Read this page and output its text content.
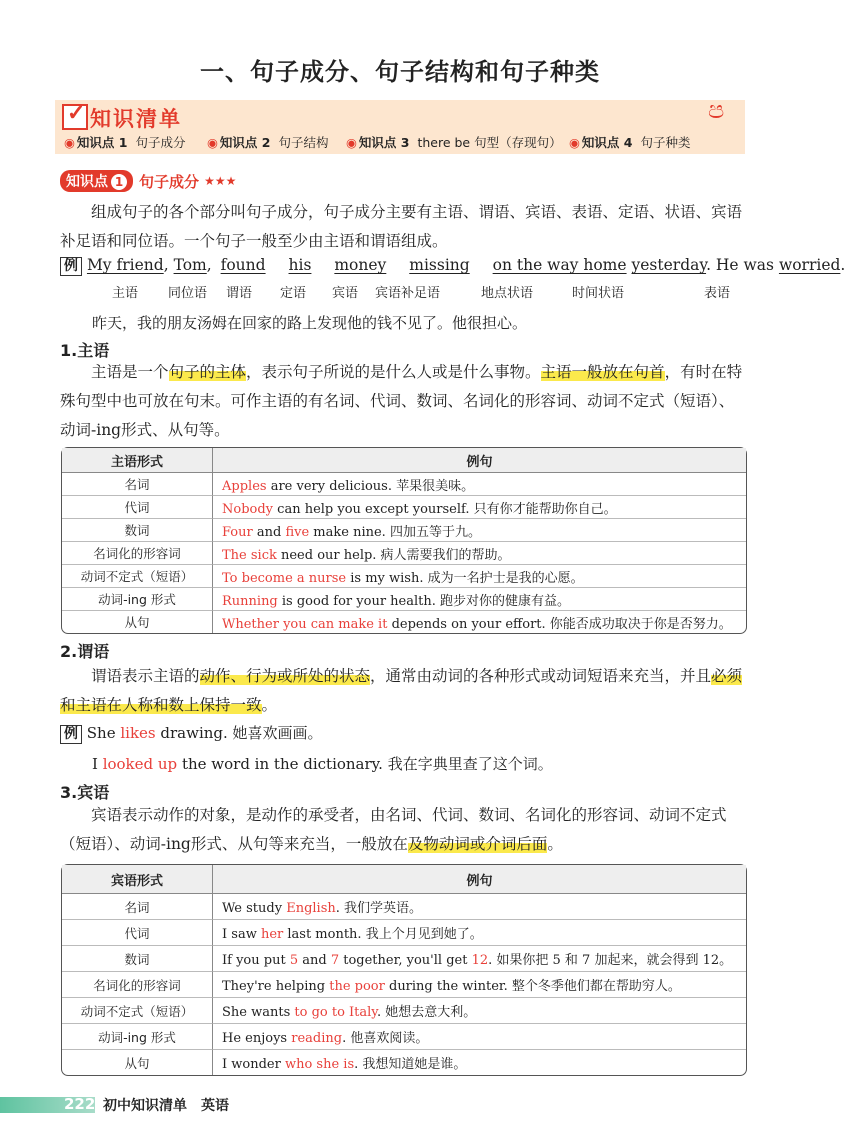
一、句子成分、句子结构和句子种类
✓ 知识清单	ප
◉ 知识点 1 句子成分 ◉ 知识点 2 句子结构 ◉ 知识点 3 there be 句型（存现句） ◉ 知识点 4 句子种类
知识点 1 句子成分 ★★★
组成句子的各个部分叫句子成分，句子成分主要有主语、谓语、宾语、表语、定语、状语、宾语补足语和同位语。一个句子一般至少由主语和谓语组成。
例 My friend, Tom, found his money missing on the way home yesterday. He was worried.
主语 同位语 谓语 定语 宾语 宾语补足语	地点状语	时间状语	表语
昨天，我的朋友汤姆在回家的路上发现他的钱不见了。他很担心。
1.主语
主语是一个句子的主体，表示句子所说的是什么人或是什么事物。主语一般放在句首，有时在特殊句型中也可放在句末。可作主语的有名词、代词、数词、名词化的形容词、动词不定式（短语）、动词-ing形式、从句等。
主语形式	例句
名词	Apples are very delicious. 苹果很美味。
代词	Nobody can help you except yourself. 只有你才能帮助你自己。
数词	Four and five make nine. 四加五等于九。
名词化的形容词	The sick need our help. 病人需要我们的帮助。
动词不定式（短语）	To become a nurse is my wish. 成为一名护士是我的心愿。
动词-ing 形式	Running is good for your health. 跑步对你的健康有益。
从句	Whether you can make it depends on your effort. 你能否成功取决于你是否努力。
2.谓语
谓语表示主语的动作、行为或所处的状态，通常由动词的各种形式或动词短语来充当，并且必须和主语在人称和数上保持一致。
例 She likes drawing. 她喜欢画画。
I looked up the word in the dictionary. 我在字典里查了这个词。
3.宾语
宾语表示动作的对象，是动作的承受者，由名词、代词、数词、名词化的形容词、动词不定式（短语）、动词-ing形式、从句等来充当，一般放在及物动词或介词后面。
宾语形式	例句
名词	We study English. 我们学英语。
代词	I saw her last month. 我上个月见到她了。
数词	If you put 5 and 7 together, you'll get 12. 如果你把 5 和 7 加起来，就会得到 12。
名词化的形容词	They're helping the poor during the winter. 整个冬季他们都在帮助穷人。
动词不定式（短语）	She wants to go to Italy. 她想去意大利。
动词-ing 形式	He enjoys reading. 他喜欢阅读。
从句	I wonder who she is. 我想知道她是谁。
222 初中知识清单　英语
